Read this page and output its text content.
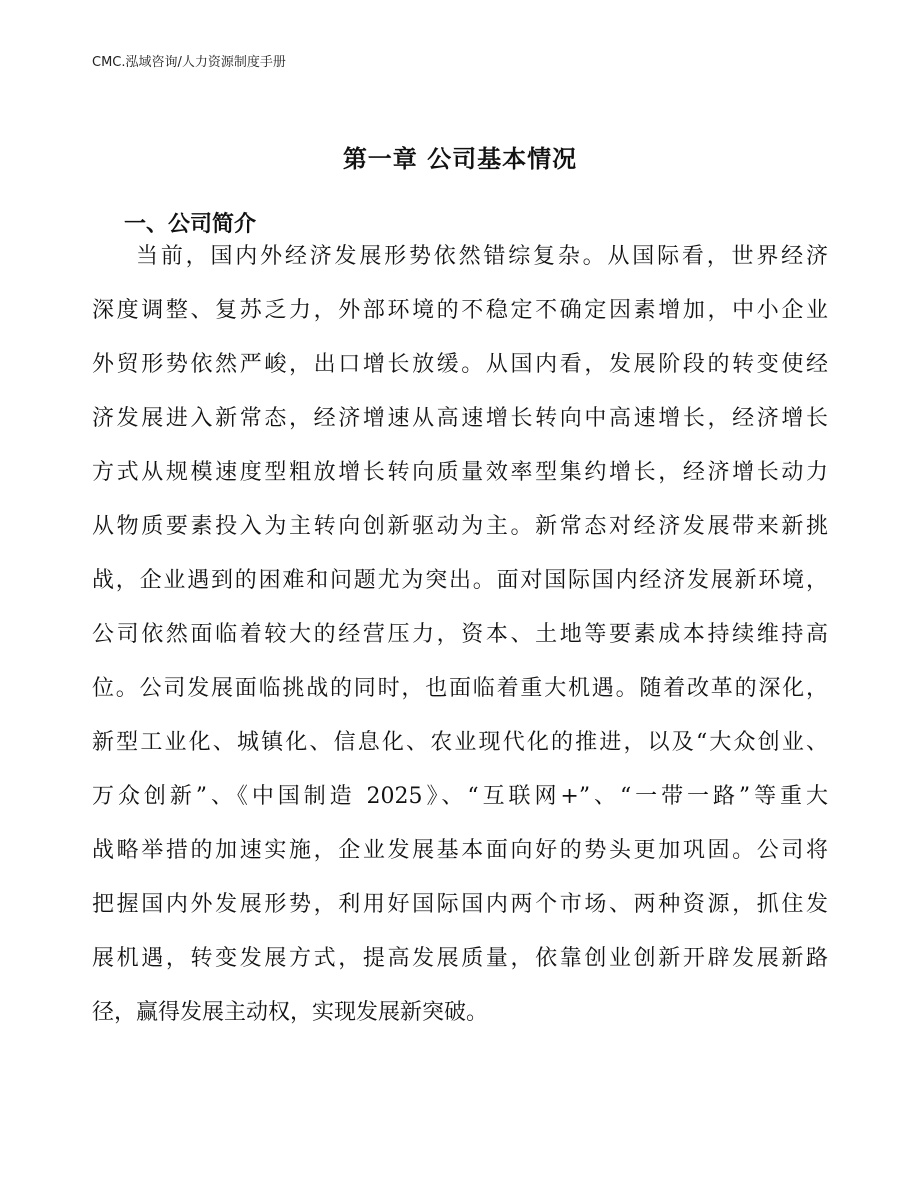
CMC.泓域咨询/人力资源制度手册
第一章 公司基本情况
一、公司简介
当前，国内外经济发展形势依然错综复杂。从国际看，世界经济
深度调整、复苏乏力，外部环境的不稳定不确定因素增加，中小企业
外贸形势依然严峻，出口增长放缓。从国内看，发展阶段的转变使经
济发展进入新常态，经济增速从高速增长转向中高速增长，经济增长
方式从规模速度型粗放增长转向质量效率型集约增长，经济增长动力
从物质要素投入为主转向创新驱动为主。新常态对经济发展带来新挑
战，企业遇到的困难和问题尤为突出。面对国际国内经济发展新环境，
公司依然面临着较大的经营压力，资本、土地等要素成本持续维持高
位。公司发展面临挑战的同时，也面临着重大机遇。随着改革的深化，
新型工业化、城镇化、信息化、农业现代化的推进，以及“大众创业、
万众创新”、《中国制造 2025》、“互联网+”、“一带一路”等重大
战略举措的加速实施，企业发展基本面向好的势头更加巩固。公司将
把握国内外发展形势，利用好国际国内两个市场、两种资源，抓住发
展机遇，转变发展方式，提高发展质量，依靠创业创新开辟发展新路
径，赢得发展主动权，实现发展新突破。
